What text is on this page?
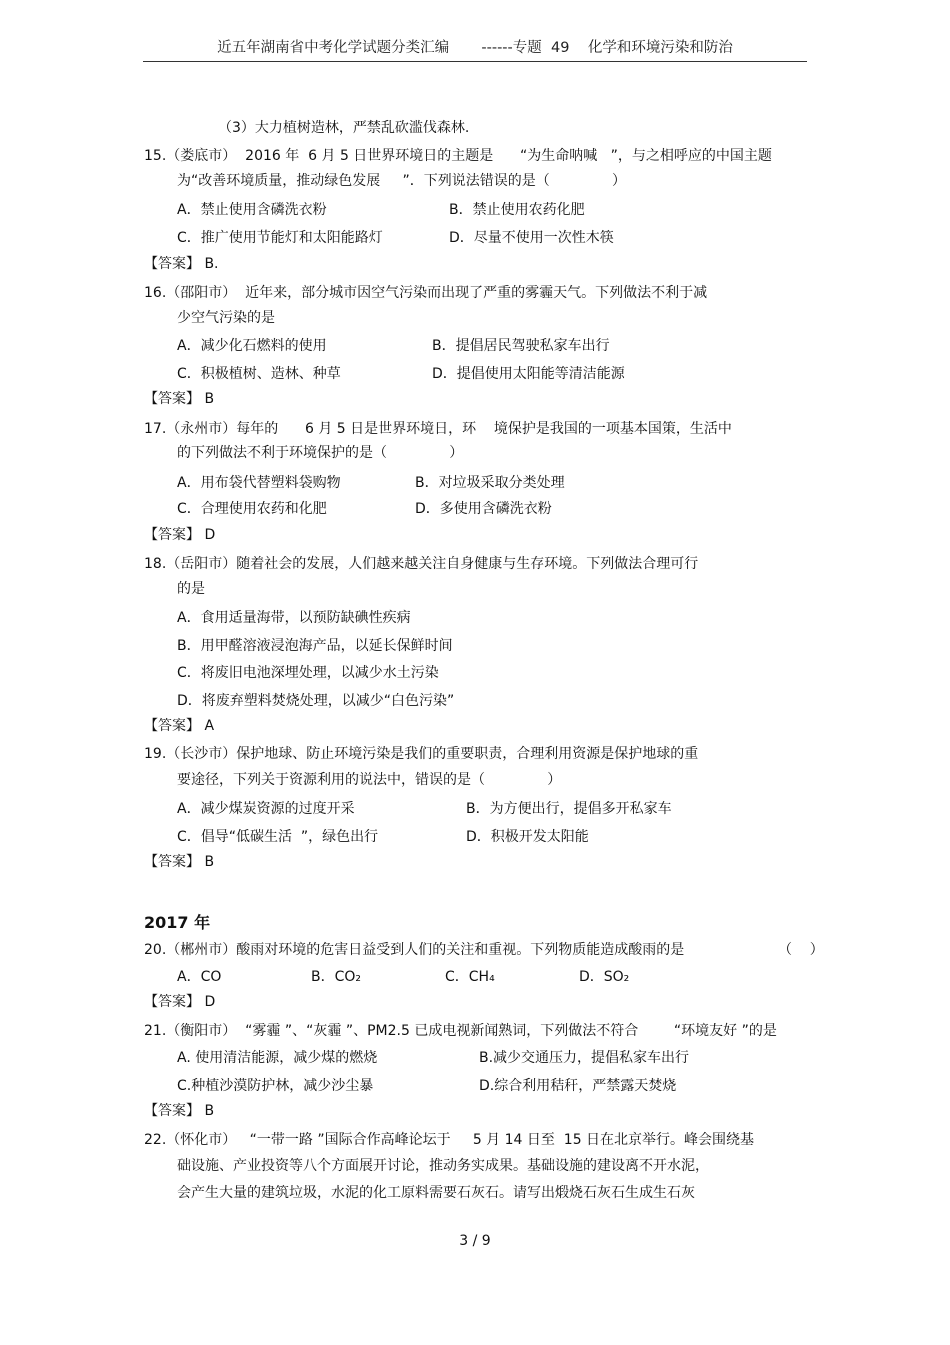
近五年湖南省中考化学试题分类汇编       ------专题  49    化学和环境污染和防治
（3）大力植树造林，严禁乱砍滥伐森林.
15.（娄底市）  2016 年  6 月 5 日世界环境日的主题是      “为生命呐喊   ”，与之相呼应的中国主题
为“改善环境质量，推动绿色发展     ”．下列说法错误的是（              ）
A．禁止使用含磷洗衣粉	B．禁止使用农药化肥
C．推广使用节能灯和太阳能路灯	D．尽量不使用一次性木筷
【答案】 B.
16.（邵阳市）  近年来，部分城市因空气污染而出现了严重的雾霾天气。下列做法不利于减
少空气污染的是
A．减少化石燃料的使用	B．提倡居民驾驶私家车出行
C．积极植树、造林、种草	D．提倡使用太阳能等清洁能源
【答案】 B
17.（永州市）每年的      6 月 5 日是世界环境日，环    境保护是我国的一项基本国策，生活中
的下列做法不利于环境保护的是（              ）
A．用布袋代替塑料袋购物	B．对垃圾采取分类处理
C．合理使用农药和化肥	D．多使用含磷洗衣粉
【答案】 D
18.（岳阳市）随着社会的发展，人们越来越关注自身健康与生存环境。下列做法合理可行
的是
A．食用适量海带，以预防缺碘性疾病
B．用甲醛溶液浸泡海产品，以延长保鲜时间
C．将废旧电池深埋处理，以减少水土污染
D．将废弃塑料焚烧处理，以减少“白色污染”
【答案】 A
19.（长沙市）保护地球、防止环境污染是我们的重要职责，合理利用资源是保护地球的重
要途径，下列关于资源利用的说法中，错误的是（              ）
A．减少煤炭资源的过度开采	B．为方便出行，提倡多开私家车
C．倡导“低碳生活  ”，绿色出行	D．积极开发太阳能
【答案】 B
2017 年
20.（郴州市）酸雨对环境的危害日益受到人们的关注和重视。下列物质能造成酸雨的是	（    ）
A．CO	B．CO₂	C．CH₄	D．SO₂
【答案】 D
21.（衡阳市）  “雾霾 ”、“灰霾 ”、PM2.5 已成电视新闻熟词，下列做法不符合        “环境友好 ”的是
A. 使用清洁能源，减少煤的燃烧	B.减少交通压力，提倡私家车出行
C.种植沙漠防护林，减少沙尘暴	D.综合利用秸秆，严禁露天焚烧
【答案】 B
22.（怀化市）   “一带一路 ”国际合作高峰论坛于     5 月 14 日至  15 日在北京举行。峰会围绕基
础设施、产业投资等八个方面展开讨论，推动务实成果。基础设施的建设离不开水泥，
会产生大量的建筑垃圾，水泥的化工原料需要石灰石。请写出煅烧石灰石生成生石灰
3 / 9
